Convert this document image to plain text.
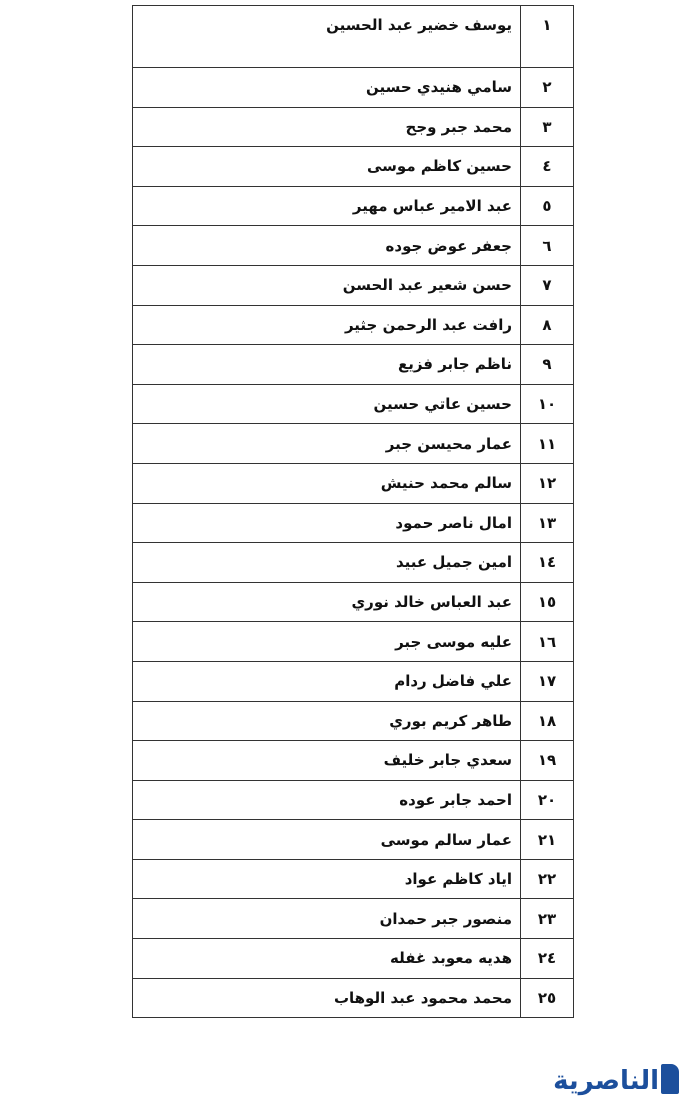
١	يوسف خضير عبد الحسين
٢	سامي هنيدي حسين
٣	محمد جبر وجح
٤	حسين كاظم موسى
٥	عبد الامير عباس مهير
٦	جعفر عوض جوده
٧	حسن شعير عبد الحسن
٨	رافت عبد الرحمن جثير
٩	ناظم جابر فزيع
١٠	حسين عاتي حسين
١١	عمار محيسن جبر
١٢	سالم محمد حنيش
١٣	امال ناصر حمود
١٤	امين جميل عبيد
١٥	عبد العباس خالد نوري
١٦	عليه موسى جبر
١٧	علي فاضل ردام
١٨	طاهر كريم بوري
١٩	سعدي جابر خليف
٢٠	احمد جابر عوده
٢١	عمار سالم موسى
٢٢	اياد كاظم عواد
٢٣	منصور جبر حمدان
٢٤	هديه معوبد غفله
٢٥	محمد محمود عبد الوهاب
الناصرية
